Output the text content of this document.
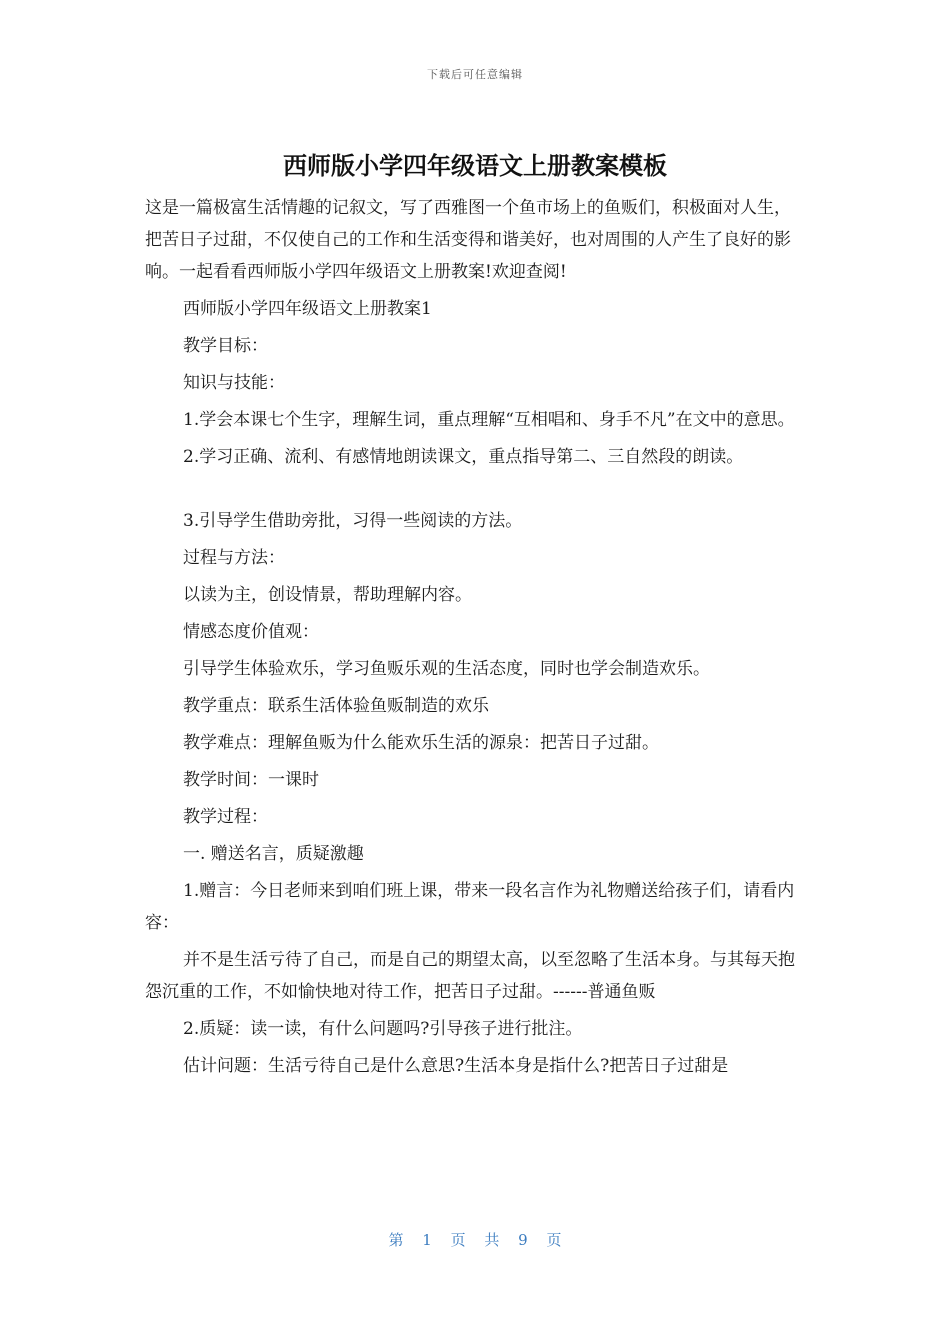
下载后可任意编辑
西师版小学四年级语文上册教案模板

这是一篇极富生活情趣的记叙文，写了西雅图一个鱼市场上的鱼贩们，积极面对人生，把苦日子过甜，不仅使自己的工作和生活变得和谐美好，也对周围的人产生了良好的影响。一起看看西师版小学四年级语文上册教案!欢迎查阅!

西师版小学四年级语文上册教案1

教学目标：

知识与技能：

1.学会本课七个生字，理解生词，重点理解“互相唱和、身手不凡”在文中的意思。

2.学习正确、流利、有感情地朗读课文，重点指导第二、三自然段的朗读。

3.引导学生借助旁批，习得一些阅读的方法。

过程与方法：

以读为主，创设情景，帮助理解内容。

情感态度价值观：

引导学生体验欢乐，学习鱼贩乐观的生活态度，同时也学会制造欢乐。

教学重点：联系生活体验鱼贩制造的欢乐

教学难点：理解鱼贩为什么能欢乐生活的源泉：把苦日子过甜。

教学时间：一课时

教学过程：

一. 赠送名言，质疑激趣

1.赠言：今日老师来到咱们班上课，带来一段名言作为礼物赠送给孩子们，请看内容：

并不是生活亏待了自己，而是自己的期望太高，以至忽略了生活本身。与其每天抱怨沉重的工作，不如愉快地对待工作，把苦日子过甜。------普通鱼贩

2.质疑：读一读，有什么问题吗?引导孩子进行批注。

估计问题：生活亏待自己是什么意思?生活本身是指什么?把苦日子过甜是

第 1 页 共 9 页
